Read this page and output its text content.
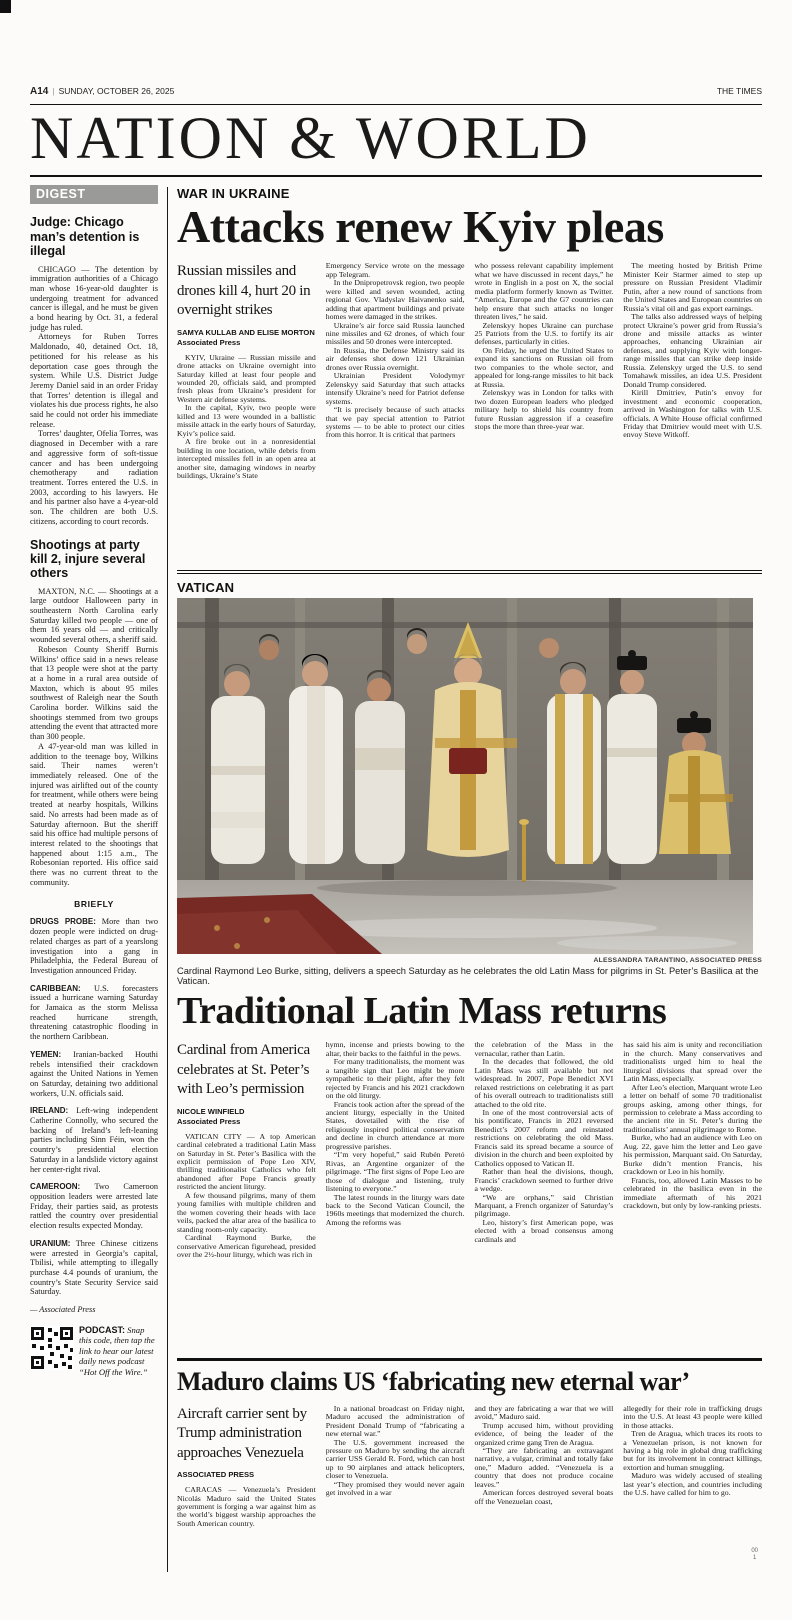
A14 | SUNDAY, OCTOBER 26, 2025	THE TIMES
NATION & WORLD
DIGEST
Judge: Chicago man’s detention is illegal

CHICAGO — The detention by immigration authorities of a Chicago man whose 16-year-old daughter is undergoing treatment for advanced cancer is illegal, and he must be given a bond hearing by Oct. 31, a federal judge has ruled.

Attorneys for Ruben Torres Maldonado, 40, detained Oct. 18, petitioned for his release as his deportation case goes through the system. While U.S. District Judge Jeremy Daniel said in an order Friday that Torres’ detention is illegal and violates his due process rights, he also said he could not order his immediate release.

Torres’ daughter, Ofelia Torres, was diagnosed in December with a rare and aggressive form of soft-tissue cancer and has been undergoing chemotherapy and radiation treatment. Torres entered the U.S. in 2003, according to his lawyers. He and his partner also have a 4-year-old son. The children are both U.S. citizens, according to court records.

Shootings at party kill 2, injure several others

MAXTON, N.C. — Shootings at a large outdoor Halloween party in southeastern North Carolina early Saturday killed two people — one of them 16 years old — and critically wounded several others, a sheriff said.

Robeson County Sheriff Burnis Wilkins’ office said in a news release that 13 people were shot at the party at a home in a rural area outside of Maxton, which is about 95 miles southwest of Raleigh near the South Carolina border. Wilkins said the shootings stemmed from two groups attending the event that attracted more than 300 people.

A 47-year-old man was killed in addition to the teenage boy, Wilkins said. Their names weren’t immediately released. One of the injured was airlifted out of the county for treatment, while others were being treated at nearby hospitals, Wilkins said. No arrests had been made as of Saturday afternoon. But the sheriff said his office had multiple persons of interest related to the shootings that happened about 1:15 a.m., The Robesonian reported. His office said there was no current threat to the community.

BRIEFLY

DRUGS PROBE: More than two dozen people were indicted on drug-related charges as part of a yearslong investigation into a gang in Philadelphia, the Federal Bureau of Investigation announced Friday.

CARIBBEAN: U.S. forecasters issued a hurricane warning Saturday for Jamaica as the storm Melissa reached hurricane strength, threatening catastrophic flooding in the northern Caribbean.

YEMEN: Iranian-backed Houthi rebels intensified their crackdown against the United Nations in Yemen on Saturday, detaining two additional workers, U.N. officials said.

IRELAND: Left-wing independent Catherine Connolly, who secured the backing of Ireland’s left-leaning parties including Sinn Féin, won the country’s presidential election Saturday in a landslide victory against her center-right rival.

CAMEROON: Two Cameroon opposition leaders were arrested late Friday, their parties said, as protests rattled the country over presidential election results expected Monday.

URANIUM: Three Chinese citizens were arrested in Georgia’s capital, Tbilisi, while attempting to illegally purchase 4.4 pounds of uranium, the country’s State Security Service said Saturday.

— Associated Press

PODCAST: Snap this code, then tap the link to hear our latest daily news podcast “Hot Off the Wire.”
WAR IN UKRAINE
Attacks renew Kyiv pleas
Russian missiles and drones kill 4, hurt 20 in overnight strikes
SAMYA KULLAB AND ELISE MORTON
Associated Press

KYIV, Ukraine — Russian missile and drone attacks on Ukraine overnight into Saturday killed at least four people and wounded 20, officials said, and prompted fresh pleas from Ukraine’s president for Western air defense systems.

In the capital, Kyiv, two people were killed and 13 were wounded in a ballistic missile attack in the early hours of Saturday, Kyiv’s police said.

A fire broke out in a nonresidential building in one location, while debris from intercepted missiles fell in an open area at another site, damaging windows in nearby buildings, Ukraine’s State

Emergency Service wrote on the message app Telegram.

In the Dnipropetrovsk region, two people were killed and seven wounded, acting regional Gov. Vladyslav Haivanenko said, adding that apartment buildings and private homes were damaged in the strikes.

Ukraine’s air force said Russia launched nine missiles and 62 drones, of which four missiles and 50 drones were intercepted.

In Russia, the Defense Ministry said its air defenses shot down 121 Ukrainian drones over Russia overnight.

Ukrainian President Volodymyr Zelenskyy said Saturday that such attacks intensify Ukraine’s need for Patriot defense systems.

“It is precisely because of such attacks that we pay special attention to Patriot systems — to be able to protect our cities from this horror. It is critical that partners

who possess relevant capability implement what we have discussed in recent days,” he wrote in English in a post on X, the social media platform formerly known as Twitter. “America, Europe and the G7 countries can help ensure that such attacks no longer threaten lives,” he said.

Zelenskyy hopes Ukraine can purchase 25 Patriots from the U.S. to fortify its air defenses, particularly in cities.

On Friday, he urged the United States to expand its sanctions on Russian oil from two companies to the whole sector, and appealed for long-range missiles to hit back at Russia.

Zelenskyy was in London for talks with two dozen European leaders who pledged military help to shield his country from future Russian aggression if a ceasefire stops the more than three-year war.

The meeting hosted by British Prime Minister Keir Starmer aimed to step up pressure on Russian President Vladimir Putin, after a new round of sanctions from the United States and European countries on Russia’s vital oil and gas export earnings.

The talks also addressed ways of helping protect Ukraine’s power grid from Russia’s drone and missile attacks as winter approaches, enhancing Ukrainian air defenses, and supplying Kyiv with longer-range missiles that can strike deep inside Russia. Zelenskyy urged the U.S. to send Tomahawk missiles, an idea U.S. President Donald Trump considered.

Kirill Dmitriev, Putin’s envoy for investment and economic cooperation, arrived in Washington for talks with U.S. officials. A White House official confirmed Friday that Dmitriev would meet with U.S. envoy Steve Witkoff.

VATICAN
ALESSANDRA TARANTINO, ASSOCIATED PRESS
Cardinal Raymond Leo Burke, sitting, delivers a speech Saturday as he celebrates the old Latin Mass for pilgrims in St. Peter’s Basilica at the Vatican.
Traditional Latin Mass returns
Cardinal from America celebrates at St. Peter’s with Leo’s permission
NICOLE WINFIELD
Associated Press

VATICAN CITY — A top American cardinal celebrated a traditional Latin Mass on Saturday in St. Peter’s Basilica with the explicit permission of Pope Leo XIV, thrilling traditionalist Catholics who felt abandoned after Pope Francis greatly restricted the ancient liturgy.

A few thousand pilgrims, many of them young families with multiple children and the women covering their heads with lace veils, packed the altar area of the basilica to standing room-only capacity.

Cardinal Raymond Burke, the conservative American figurehead, presided over the 2½-hour liturgy, which was rich in

hymn, incense and priests bowing to the altar, their backs to the faithful in the pews.

For many traditionalists, the moment was a tangible sign that Leo might be more sympathetic to their plight, after they felt rejected by Francis and his 2021 crackdown on the old liturgy.

Francis took action after the spread of the ancient liturgy, especially in the United States, dovetailed with the rise of religiously inspired political conservatism and decline in church attendance at more progressive parishes.

“I’m very hopeful,” said Rubén Peretó Rivas, an Argentine organizer of the pilgrimage. “The first signs of Pope Leo are those of dialogue and listening, truly listening to everyone.”

The latest rounds in the liturgy wars date back to the Second Vatican Council, the 1960s meetings that modernized the church. Among the reforms was

the celebration of the Mass in the vernacular, rather than Latin.

In the decades that followed, the old Latin Mass was still available but not widespread. In 2007, Pope Benedict XVI relaxed restrictions on celebrating it as part of his overall outreach to traditionalists still attached to the old rite.

In one of the most controversial acts of his pontificate, Francis in 2021 reversed Benedict’s 2007 reform and reinstated restrictions on celebrating the old Mass. Francis said its spread became a source of division in the church and been exploited by Catholics opposed to Vatican II.

Rather than heal the divisions, though, Francis’ crackdown seemed to further drive a wedge.

“We are orphans,” said Christian Marquant, a French organizer of Saturday’s pilgrimage.

Leo, history’s first American pope, was elected with a broad consensus among cardinals and

has said his aim is unity and reconciliation in the church. Many conservatives and traditionalists urged him to heal the liturgical divisions that spread over the Latin Mass, especially.

After Leo’s election, Marquant wrote Leo a letter on behalf of some 70 traditionalist groups asking, among other things, for permission to celebrate a Mass according to the ancient rite in St. Peter’s during the traditionalists’ annual pilgrimage to Rome.

Burke, who had an audience with Leo on Aug. 22, gave him the letter and Leo gave his permission, Marquant said. On Saturday, Burke didn’t mention Francis, his crackdown or Leo in his homily.

Francis, too, allowed Latin Masses to be celebrated in the basilica even in the immediate aftermath of his 2021 crackdown, but only by low-ranking priests.

Maduro claims US ‘fabricating new eternal war’
Aircraft carrier sent by Trump administration approaches Venezuela
ASSOCIATED PRESS

CARACAS — Venezuela’s President Nicolás Maduro said the United States government is forging a war against him as the world’s biggest warship approaches the South American country.

In a national broadcast on Friday night, Maduro accused the administration of President Donald Trump of “fabricating a new eternal war.”

The U.S. government increased the pressure on Maduro by sending the aircraft carrier USS Gerald R. Ford, which can host up to 90 airplanes and attack helicopters, closer to Venezuela.

“They promised they would never again get involved in a war

and they are fabricating a war that we will avoid,” Maduro said.

Trump accused him, without providing evidence, of being the leader of the organized crime gang Tren de Aragua.

“They are fabricating an extravagant narrative, a vulgar, criminal and totally fake one,” Maduro added. “Venezuela is a country that does not produce cocaine leaves.”

American forces destroyed several boats off the Venezuelan coast,

allegedly for their role in trafficking drugs into the U.S. At least 43 people were killed in those attacks.

Tren de Aragua, which traces its roots to a Venezuelan prison, is not known for having a big role in global drug trafficking but for its involvement in contract killings, extortion and human smuggling.

Maduro was widely accused of stealing last year’s election, and countries including the U.S. have called for him to go.

00
1
